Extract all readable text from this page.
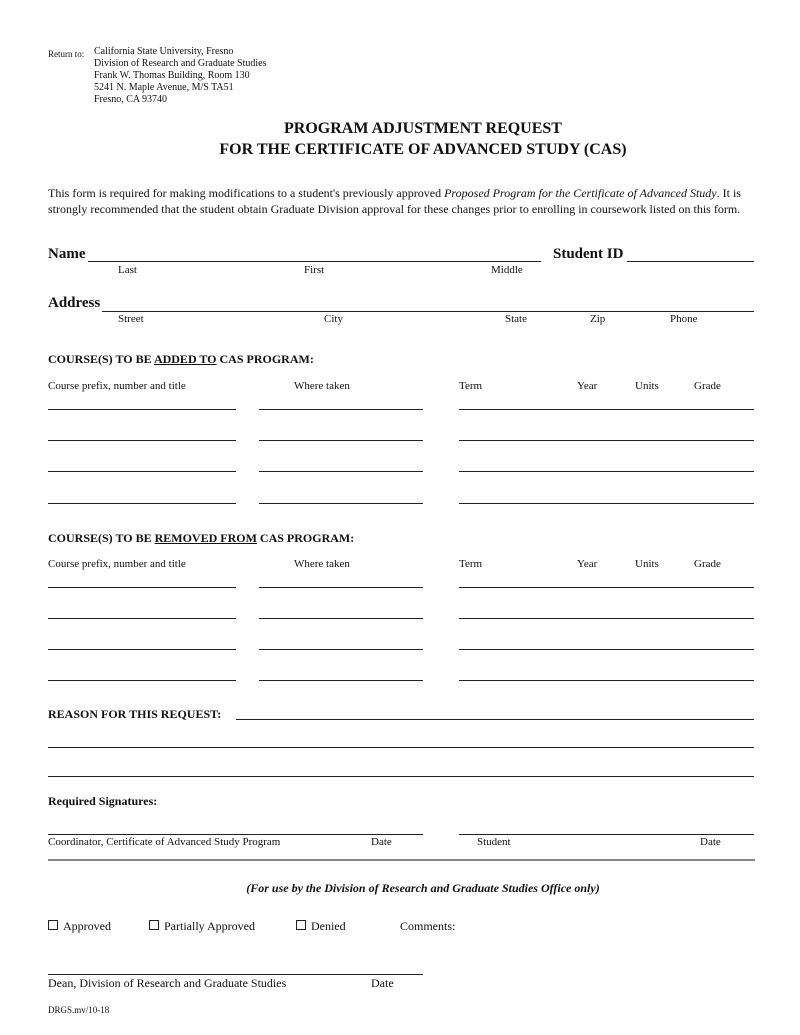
Return to: California State University, Fresno
Division of Research and Graduate Studies
Frank W. Thomas Building, Room 130
5241 N. Maple Avenue, M/S TA51
Fresno, CA 93740
PROGRAM ADJUSTMENT REQUEST
FOR THE CERTIFICATE OF ADVANCED STUDY (CAS)
This form is required for making modifications to a student's previously approved Proposed Program for the Certificate of Advanced Study. It is strongly recommended that the student obtain Graduate Division approval for these changes prior to enrolling in coursework listed on this form.
Name	Student ID
Last	First	Middle
Address
Street	City	State	Zip	Phone
COURSE(S) TO BE ADDED TO CAS PROGRAM:
Course prefix, number and title	Where taken	Term	Year	Units	Grade
COURSE(S) TO BE REMOVED FROM CAS PROGRAM:
Course prefix, number and title	Where taken	Term	Year	Units	Grade
REASON FOR THIS REQUEST:
Required Signatures:
Coordinator, Certificate of Advanced Study Program	Date	Student	Date
(For use by the Division of Research and Graduate Studies Office only)
Approved	Partially Approved	Denied	Comments:
Dean, Division of Research and Graduate Studies	Date
DRGS.mv/10-18
